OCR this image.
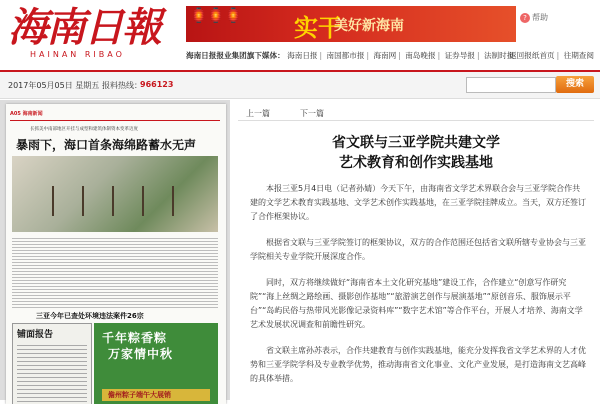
海南日報
HAINAN RIBAO
🏮🏮🏮 实干
美好新海南	? 帮助
海南日报报业集团旗下媒体： 海南日报 | 南国都市报 | 海南网 | 南岛晚报 | 证券导报 | 法制时报
返回报纸首页 | 往期查阅
2017年05月05日 星期五 报料热线：
966123	搜索
A05 海南新闻
长抓美中南部地区开挂与成型和建筑体制资本变革迈度
暴雨下，海口首条海绵路蓄水无声
三亚今年已查处环境违法案件26宗
铺面报告	千年粽香粽
万家情中秋
儋州粽子端午大展销
上一篇	下一篇
省文联与三亚学院共建文学
艺术教育和创作实践基地
本报三亚5月4日电（记者孙婧）今天下午，由海南省文学艺术界联合会与三亚学院合作共建的文学艺术教育实践基地、文学艺术创作实践基地，在三亚学院挂牌成立。当天，双方还签订了合作框架协议。
根据省文联与三亚学院签订的框架协议，双方的合作范围还包括省文联所辖专业协会与三亚学院相关专业学院开展深度合作。
同时，双方将继续做好“海南省本土文化研究基地”建设工作，合作建立“创意写作研究院”“海上丝绸之路绘画、摄影创作基地”“旅游演艺创作与展演基地”“原创音乐、服饰展示平台”“岛屿民俗与热带风光影像记录资料库”“数字艺术馆”等合作平台，开展人才培养、海南文学艺术发展状况调查和前瞻性研究。
省文联主席孙苏表示，合作共建教育与创作实践基地，能充分发挥我省文学艺术界的人才优势和三亚学院学科及专业教学优势，推动海南省文化事业、文化产业发展，是打造海南文艺高峰的具体举措。
